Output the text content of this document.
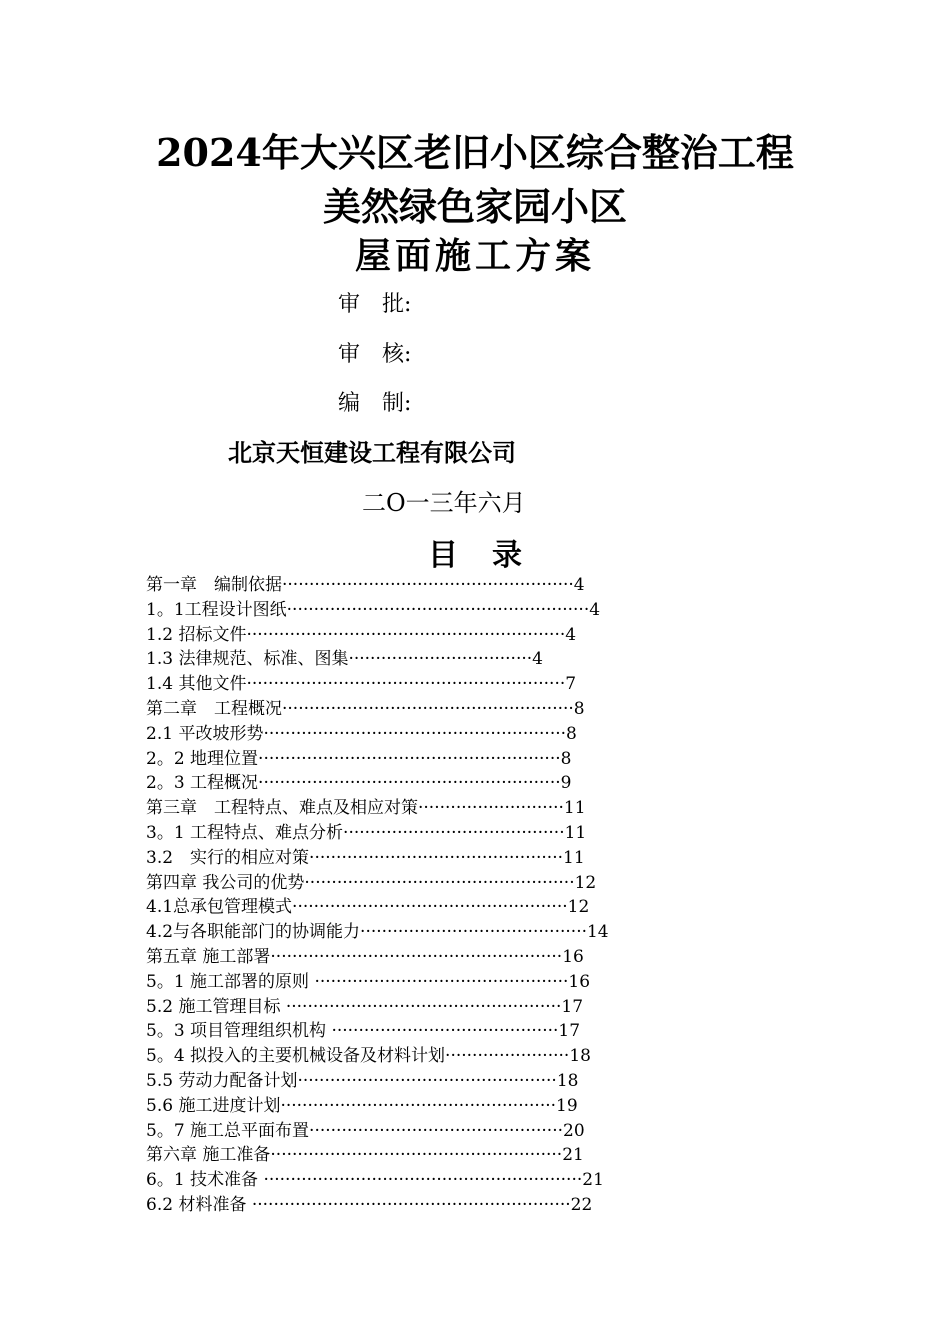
2024年大兴区老旧小区综合整治工程
美然绿色家园小区
屋面施工方案
审　批:
审　核:
编　制:
北京天恒建设工程有限公司
二O一三年六月
目录
第一章　编制依据······················································4
1。1工程设计图纸························································4
1.2 招标文件···························································4
1.3 法律规范、标准、图集··································4
1.4 其他文件···························································7
第二章　工程概况······················································8
2.1 平改坡形势························································8
2。2 地理位置························································8
2。3 工程概况························································9
第三章　工程特点、难点及相应对策···························11
3。1 工程特点、难点分析·········································11
3.2　实行的相应对策···············································11
第四章 我公司的优势··················································12
4.1总承包管理模式···················································12
4.2与各职能部门的协调能力··········································14
第五章 施工部署······················································16
5。1 施工部署的原则 ···············································16
5.2 施工管理目标 ···················································17
5。3 项目管理组织机构 ··········································17
5。4 拟投入的主要机械设备及材料计划·······················18
5.5 劳动力配备计划················································18
5.6 施工进度计划···················································19
5。7 施工总平面布置···············································20
第六章 施工准备······················································21
6。1 技术准备 ···························································21
6.2 材料准备 ···························································22
